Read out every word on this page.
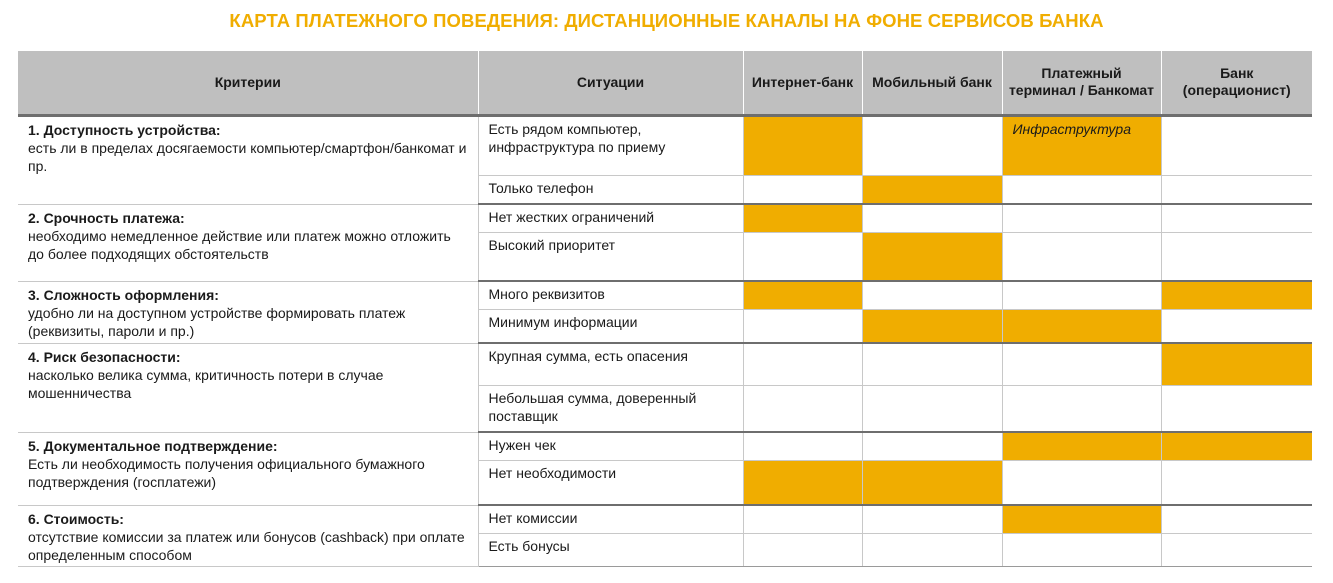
КАРТА ПЛАТЕЖНОГО ПОВЕДЕНИЯ: ДИСТАНЦИОННЫЕ КАНАЛЫ НА ФОНЕ СЕРВИСОВ БАНКА
Критерии	Ситуации	Интернет-банк	Мобильный банк	Платежный терминал / Банкомат	Банк (операционист)

1. Доступность устройства:
есть ли в пределах досягаемости компьютер/смартфон/банкомат и пр.	Есть рядом компьютер, инфраструктура по приему			Инфраструктура	
	Только телефон				

2. Срочность платежа:
необходимо немедленное действие или платеж можно отложить до более подходящих обстоятельств	Нет жестких ограничений				
	Высокий приоритет				

3. Сложность оформления:
удобно ли на доступном устройстве формировать платеж (реквизиты, пароли и пр.)	Много реквизитов				
	Минимум информации				

4. Риск безопасности:
насколько велика сумма, критичность потери в случае мошенничества	Крупная сумма, есть опасения				
	Небольшая сумма, доверенный поставщик				

5. Документальное подтверждение:
Есть ли необходимость получения официального бумажного подтверждения (госплатежи)	Нужен чек				
	Нет необходимости				

6. Стоимость:
отсутствие комиссии за платеж или бонусов (cashback) при оплате определенным способом	Нет комиссии				
	Есть бонусы				
